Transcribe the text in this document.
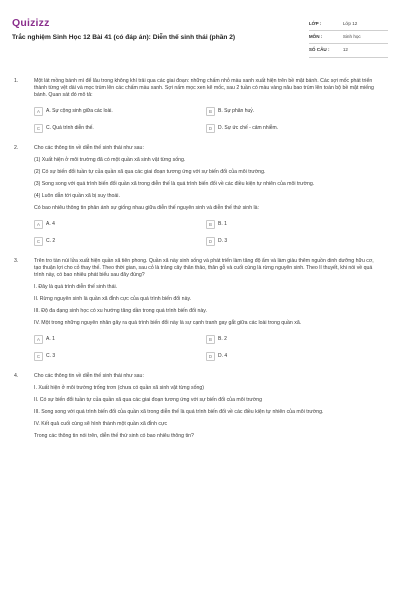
Quizizz
Trắc nghiệm Sinh Học 12 Bài 41 (có đáp án): Diễn thế sinh thái (phần 2)
LỚP :	Lớp 12
MÔN :	Sinh học
SỐ CÂU :	12
1.	Một lát mồng bánh mì để lâu trong không khí trải qua các giai đoạn: những chấm nhỏ màu xanh xuất hiện trên bề mặt bánh. Các sợi mốc phát triển thành từng vệt dài và mọc trùm lên các chấm màu xanh. Sợi nấm mọc xen kẽ mốc, sau 2 tuần có màu vàng nâu bao trùm lên toàn bộ bề mặt miếng bánh. Quan sát đó mô tả:

A	A. Sự cộng sinh giữa các loài.	B	B. Sự phân huỷ.
C	C. Quá trình diễn thế.	D	D. Sự ức chế - cảm nhiễm.
2.	Cho các thông tin về diễn thế sinh thái như sau:

(1) Xuất hiện ở môi trường đã có một quần xã sinh vật từng sống.

(2) Có sự biến đổi tuần tự của quần xã qua các giai đoạn tương ứng với sự biến đổi của môi trường.

(3) Song song với quá trình biến đổi quần xã trong diễn thế là quá trình biến đổi về các điều kiện tự nhiên của môi trường.

(4) Luôn dẫn tới quần xã bị suy thoái.

Có bao nhiêu thông tin phản ánh sự giống nhau giữa diễn thế nguyên sinh và diễn thế thứ sinh là:

A	A. 4	B	B. 1
C	C. 2	D	D. 3
3.	Trên tro tàn núi lửa xuất hiện quần xã tiên phong. Quần xã này sinh sống và phát triển làm tăng độ ẩm và làm giàu thêm nguồn dinh dưỡng hữu cơ, tạo thuận lợi cho cỏ thay thế. Theo thời gian, sau cỏ là trảng cây thân thảo, thân gỗ và cuối cùng là rừng nguyên sinh. Theo lí thuyết, khi nói về quá trình này, có bao nhiêu phát biểu sau đây đúng?

I. Đây là quá trình diễn thế sinh thái.

II. Rừng nguyên sinh là quần xã đỉnh cực của quá trình biến đổi này.

III. Độ đa dạng sinh học có xu hướng tăng dần trong quá trình biến đổi này.

IV. Một trong những nguyên nhân gây ra quá trình biến đổi này là sự cạnh tranh gay gắt giữa các loài trong quần xã.

A	A. 1	B	B. 2
C	C. 3	D	D. 4
4.	Cho các thông tin về diễn thế sinh thái như sau:

I. Xuất hiện ở môi trường trống trơn (chưa có quần xã sinh vật từng sống)

II. Có sự biến đổi tuần tự của quần xã qua các giai đoạn tương ứng với sự biến đổi của môi trường

III. Song song với quá trình biến đổi của quần xã trong diễn thế là quá trình biến đổi về các điều kiện tự nhiên của môi trường.

IV. Kết quả cuối cùng sẽ hình thành một quần xã đỉnh cực

Trong các thông tin nói trên, diễn thế thứ sinh có bao nhiêu thông tin?
